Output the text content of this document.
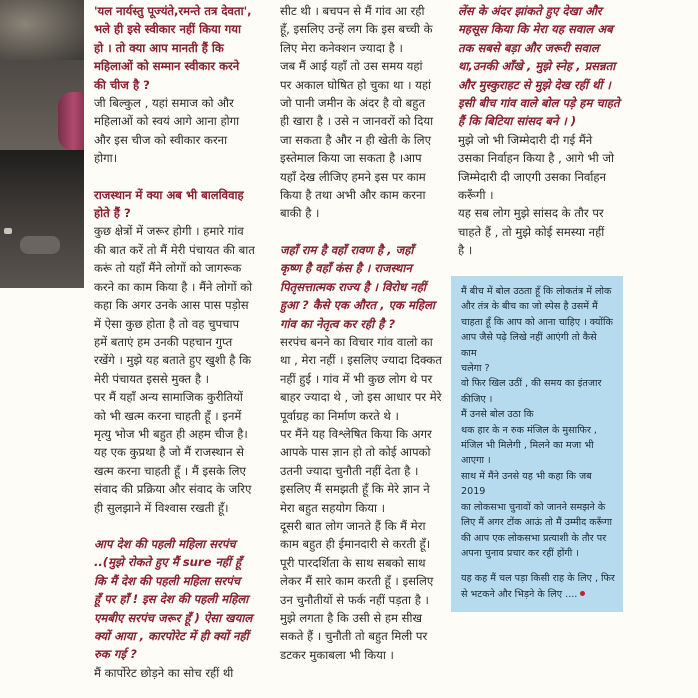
'यल नार्यस्तु पूज्यंते,रमन्ते तत्र देवता',

भले ही इसे स्वीकार नहीं किया गया

हो । तो क्या आप मानती हैं कि

महिलाओं को सम्मान स्वीकार करने

की चीज है ?

जी बिल्कुल , यहां समाज को और

महिलाओं को स्वयं आगे आना होगा

और इस चीज को स्वीकार करना

होगा।

राजस्थान में क्या अब भी बालविवाह

होते हैं ?

कुछ क्षेत्रों में जरूर होगी । हमारे गांव

की बात करें तो मैं मेरी पंचायत की बात

करूं तो यहाँ मैंने लोगों को जागरूक

करने का काम किया है । मैंने लोगों को

कहा कि अगर उनके आस पास पड़ोस

में ऐसा कुछ होता है तो वह चुपचाप

हमें बताएं हम उनकी पहचान गुप्त

रखेंगे । मुझे यह बताते हुए खुशी है कि

मेरी पंचायत इससे मुक्त है ।

पर मैं यहाँ अन्य सामाजिक कुरीतियों

को भी खत्म करना चाहती हूँ । इनमें

मृत्यु भोज भी बहुत ही अहम चीज है।

यह एक कुप्रथा है जो मैं राजस्थान से

खत्म करना चाहती हूँ । मैं इसके लिए

संवाद की प्रक्रिया और संवाद के जरिए

ही सुलझाने में विश्वास रखती हूँ।

आप देश की पहली महिला सरपंच

..(मुझे रोकते हुए मैं sure नहीं हूँ

कि मैं देश की पहली महिला सरपंच

हूँ पर हाँ ! इस देश की पहली महिला

एमबीए सरपंच जरूर हूँ ) ऐसा खयाल

क्यों आया , कारपोरेट में ही क्यों नहीं

रुक गई ?

मैं कार्पोरेट छोड़ने का सोच रहीं थी

सीट थी । बचपन से मैं गांव आ रही

हूँ, इसलिए उन्हें लग कि इस बच्ची के

लिए मेरा कनेक्शन ज्यादा है ।

जब मैं आई यहाँ तो उस समय यहां

पर अकाल घोषित हो चुका था । यहां

जो पानी जमीन के अंदर है वो बहुत

ही खारा है । उसे न जानवरों को दिया

जा सकता है और न ही खेती के लिए

इस्तेमाल किया जा सकता है ।आप

यहाँ देख लीजिए हमने इस पर काम

किया है तथा अभी और काम करना

बाकी है ।

जहाँ राम है वहाँ रावण है , जहाँ

कृष्ण है वहाँ कंस है । राजस्थान

पितृसत्तात्मक राज्य है । विरोध नहीं

हुआ ? कैसे एक औरत , एक महिला

गांव का नेतृत्व कर रही है ?

सरपंच बनने का विचार गांव वालो का

था , मेरा नहीं । इसलिए ज्यादा दिक्कत

नहीं हुई । गांव में भी कुछ लोग थे पर

बाहर ज्यादा थे , जो इस आधार पर मेरे

पूर्वाग्रह का निर्माण करते थे ।

पर मैंने यह विश्लेषित किया कि अगर

आपके पास ज्ञान हो तो कोई आपको

उतनी ज्यादा चुनौती नहीं देता है ।

इसलिए मैं समझती हूँ कि मेरे ज्ञान ने

मेरा बहुत सहयोग किया ।

दूसरी बात लोग जानते हैं कि मैं मेरा

काम बहुत ही ईमानदारी से करती हूँ।

पूरी पारदर्शिता के साथ सबको साथ

लेकर मैं सारे काम करती हूँ । इसलिए

उन चुनौतीयों से फर्क नहीं पड़ता है ।

मुझे लगता है कि उसी से हम सीख

सकते हैं । चुनौती तो बहुत मिली पर

डटकर मुकाबला भी किया ।

लेंस के अंदर झांकते हुए देखा और

महसूस किया कि मेरा यह सवाल अब

तक सबसे बड़ा और जरूरी सवाल

था,उनकी आँखे , मुझे स्नेह , प्रसन्नता

और मुस्कुराहट से मुझे देख रहीं थीं ।

इसी बीच गांव वाले बोल पड़े हम चाहते

हैं कि बिटिया सांसद बने । )

मुझे जो भी जिम्मेदारी दी गई मैंने

उसका निर्वाहन किया है , आगे भी जो

जिम्मेदारी दी जाएगी उसका निर्वाहन

करूँगी ।

यह सब लोग मुझे सांसद के तौर पर

चाहते हैं , तो मुझे कोई समस्या नहीं

है ।

मैं बीच में बोल उठता हूँ कि लोकतंत्र में लोक

और तंत्र के बीच का जो स्पेस है उसमें मैं

चाहता हूँ कि आप को आना चाहिए । क्योंकि

आप जैसे पढ़े लिखे नहीं आएंगी तो कैसे काम

चलेगा ?

वो फिर खिल उठीं , की समय का इंतजार

कीजिए ।

मैं उनसे बोल उठा कि

थक हार के न रुक मंजिल के मुसाफिर ,

मंजिल भी मिलेगी , मिलने का मजा भी

आएगा ।

साथ में मैंने उनसे यह भी कहा कि जब 2019

का लोकसभा चुनावों को जानने समझने के

लिए मैं अगर टोंक आऊं तो मैं उम्मीद करूँगा

की आप एक लोकसभा प्रत्याशी के तौर पर

अपना चुनाव प्रचार कर रहीं होंगी ।

यह कह मैं चल पड़ा किसी राह के लिए , फिर

से भटकने और भिड़ने के लिए ....
